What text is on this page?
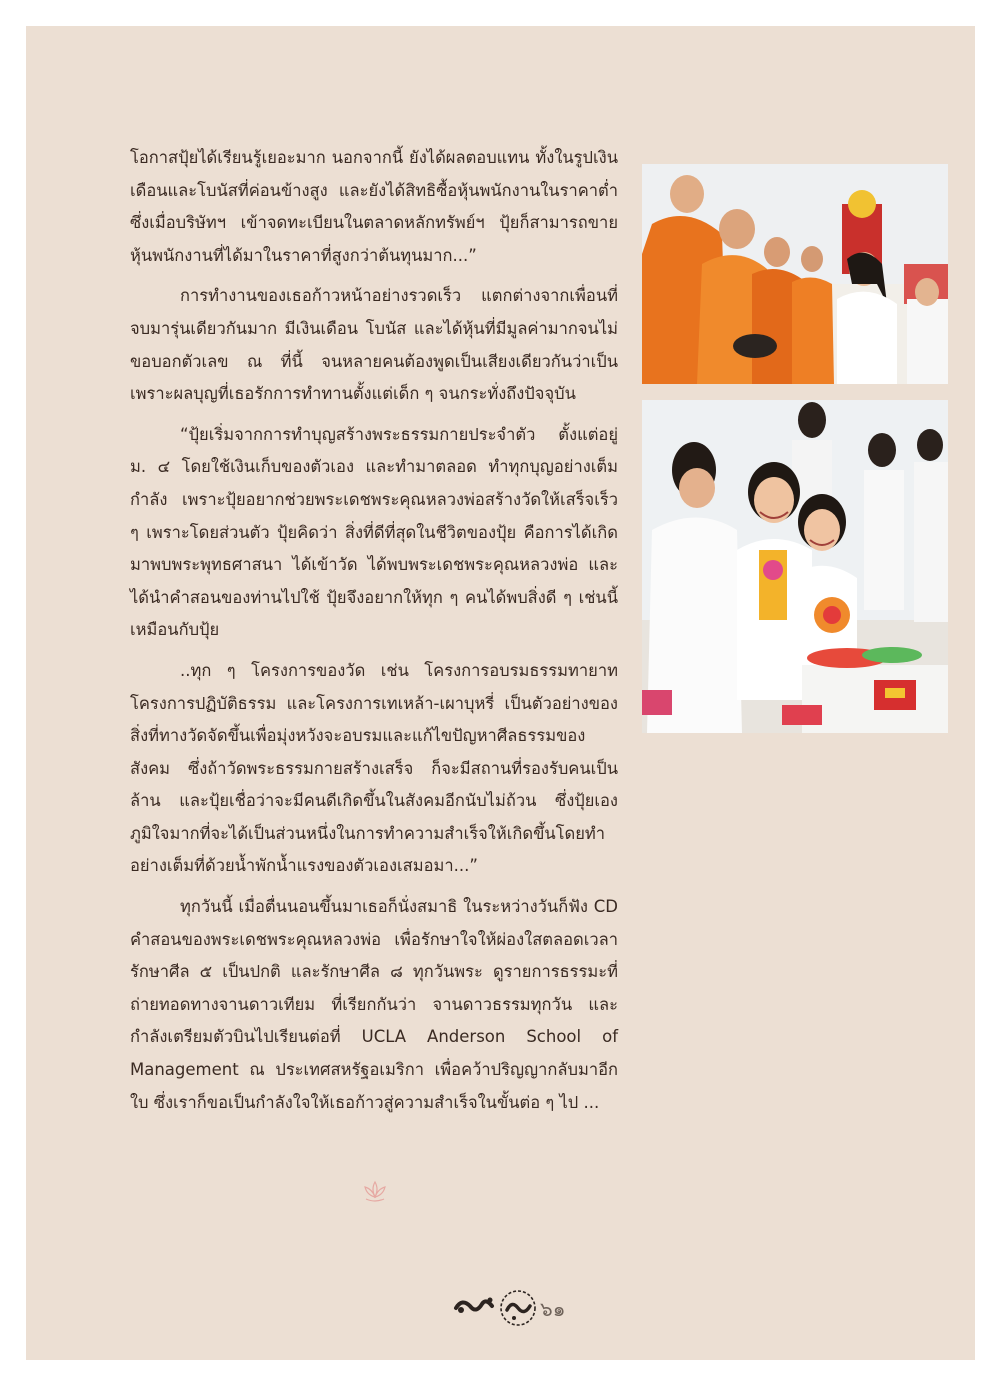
โอกาสปุ้ยได้เรียนรู้เยอะมาก นอกจากนี้ ยังได้ผลตอบแทน ทั้งในรูปเงินเดือนและโบนัสที่ค่อนข้างสูง และยังได้สิทธิซื้อหุ้นพนักงานในราคาต่ำ ซึ่งเมื่อบริษัทฯ เข้าจดทะเบียนในตลาดหลักทรัพย์ฯ ปุ้ยก็สามารถขายหุ้นพนักงานที่ได้มาในราคาที่สูงกว่าต้นทุนมาก...”

การทำงานของเธอก้าวหน้าอย่างรวดเร็ว แตกต่างจากเพื่อนที่จบมารุ่นเดียวกันมาก มีเงินเดือน โบนัส และได้หุ้นที่มีมูลค่ามากจนไม่ขอบอกตัวเลข ณ ที่นี้ จนหลายคนต้องพูดเป็นเสียงเดียวกันว่าเป็นเพราะผลบุญที่เธอรักการทำทานตั้งแต่เด็ก ๆ จนกระทั่งถึงปัจจุบัน

“ปุ้ยเริ่มจากการทำบุญสร้างพระธรรมกายประจำตัว ตั้งแต่อยู่ ม. ๔ โดยใช้เงินเก็บของตัวเอง และทำมาตลอด ทำทุกบุญอย่างเต็มกำลัง เพราะปุ้ยอยากช่วยพระเดชพระคุณหลวงพ่อสร้างวัดให้เสร็จเร็ว ๆ เพราะโดยส่วนตัว ปุ้ยคิดว่า สิ่งที่ดีที่สุดในชีวิตของปุ้ย คือการได้เกิดมาพบพระพุทธศาสนา ได้เข้าวัด ได้พบพระเดชพระคุณหลวงพ่อ และได้นำคำสอนของท่านไปใช้ ปุ้ยจึงอยากให้ทุก ๆ คนได้พบสิ่งดี ๆ เช่นนี้เหมือนกับปุ้ย

..ทุก ๆ โครงการของวัด เช่น โครงการอบรมธรรมทายาท โครงการปฏิบัติธรรม และโครงการเทเหล้า-เผาบุหรี่ เป็นตัวอย่างของสิ่งที่ทางวัดจัดขึ้นเพื่อมุ่งหวังจะอบรมและแก้ไขปัญหาศีลธรรมของสังคม ซึ่งถ้าวัดพระธรรมกายสร้างเสร็จ ก็จะมีสถานที่รองรับคนเป็นล้าน และปุ้ยเชื่อว่าจะมีคนดีเกิดขึ้นในสังคมอีกนับไม่ถ้วน ซึ่งปุ้ยเองภูมิใจมากที่จะได้เป็นส่วนหนึ่งในการทำความสำเร็จให้เกิดขึ้นโดยทำอย่างเต็มที่ด้วยน้ำพักน้ำแรงของตัวเองเสมอมา...”

ทุกวันนี้ เมื่อตื่นนอนขึ้นมาเธอก็นั่งสมาธิ ในระหว่างวันก็ฟัง CD คำสอนของพระเดชพระคุณหลวงพ่อ เพื่อรักษาใจให้ผ่องใสตลอดเวลา รักษาศีล ๕ เป็นปกติ และรักษาศีล ๘ ทุกวันพระ ดูรายการธรรมะที่ถ่ายทอดทางจานดาวเทียม ที่เรียกกันว่า จานดาวธรรมทุกวัน และกำลังเตรียมตัวบินไปเรียนต่อที่ UCLA Anderson School of Management ณ ประเทศสหรัฐอเมริกา เพื่อคว้าปริญญากลับมาอีกใบ ซึ่งเราก็ขอเป็นกำลังใจให้เธอก้าวสู่ความสำเร็จในขั้นต่อ ๆ ไป ...

๖๑
